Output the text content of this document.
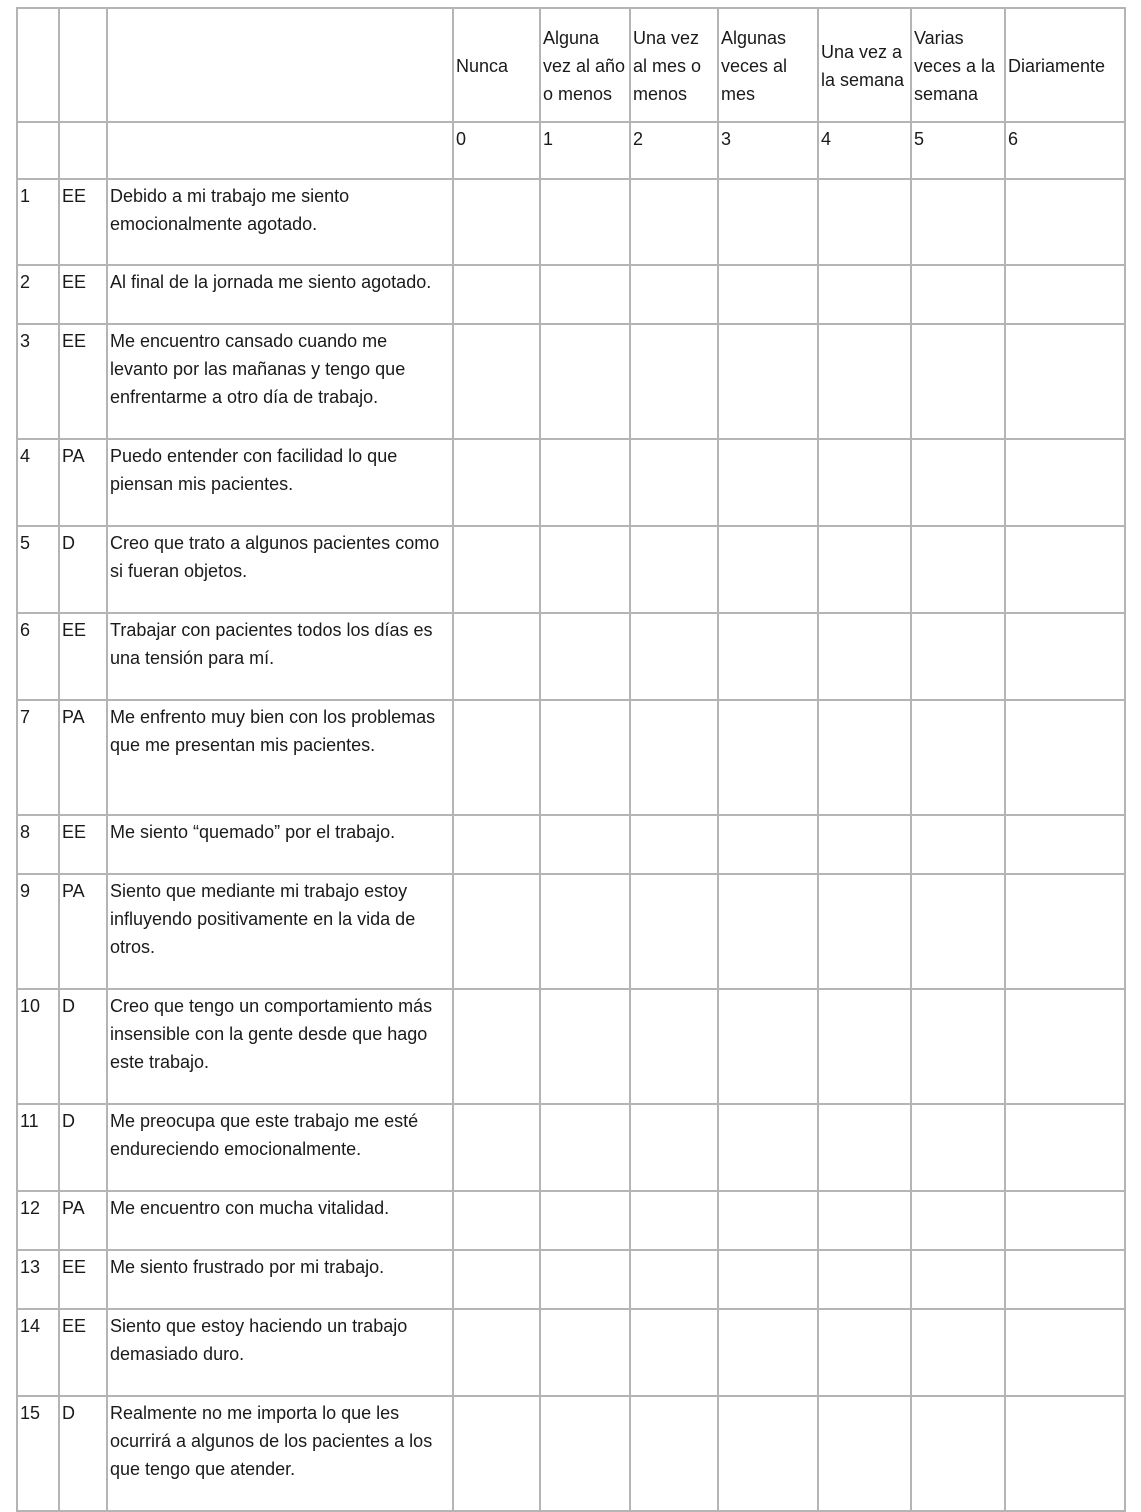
			Nunca	Alguna vez al año o menos	Una vez al mes o menos	Algunas veces al mes	Una vez a la semana	Varias veces a la semana	Diariamente
			0	1	2	3	4	5	6
1	EE	Debido a mi trabajo me siento emocionalmente agotado.							
2	EE	Al final de la jornada me siento agotado.							
3	EE	Me encuentro cansado cuando me levanto por las mañanas y tengo que enfrentarme a otro día de trabajo.							
4	PA	Puedo entender con facilidad lo que piensan mis pacientes.							
5	D	Creo que trato a algunos pacientes como si fueran objetos.							
6	EE	Trabajar con pacientes todos los días es una tensión para mí.							
7	PA	Me enfrento muy bien con los problemas que me presentan mis pacientes.							
8	EE	Me siento “quemado” por el trabajo.							
9	PA	Siento que mediante mi trabajo estoy influyendo positivamente en la vida de otros.							
10	D	Creo que tengo un comportamiento más insensible con la gente desde que hago este trabajo.							
11	D	Me preocupa que este trabajo me esté endureciendo emocionalmente.							
12	PA	Me encuentro con mucha vitalidad.							
13	EE	Me siento frustrado por mi trabajo.							
14	EE	Siento que estoy haciendo un trabajo demasiado duro.							
15	D	Realmente no me importa lo que les ocurrirá a algunos de los pacientes a los que tengo que atender.							
